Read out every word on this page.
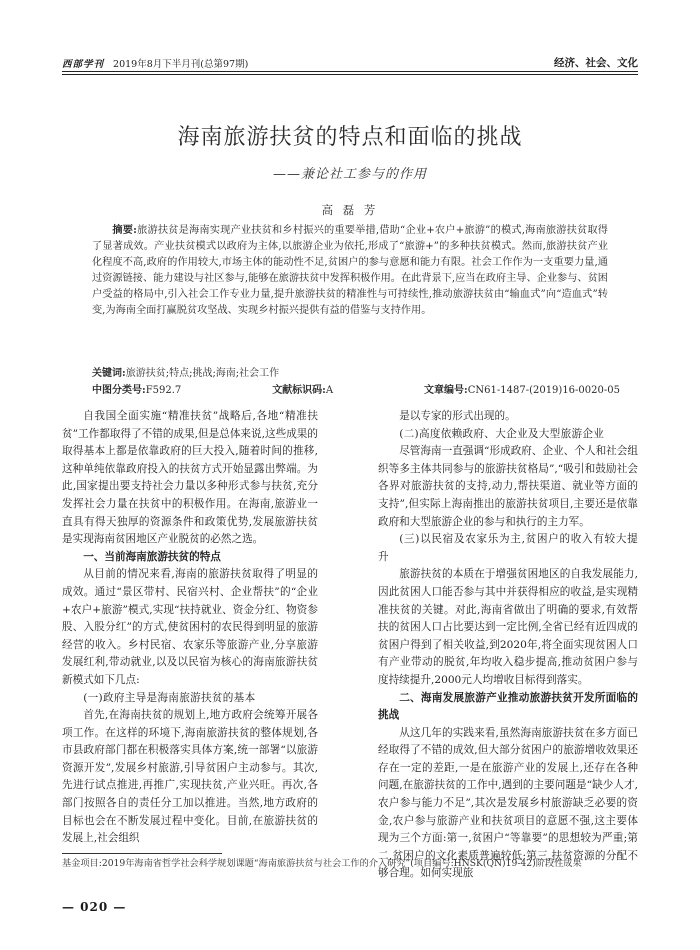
西部学刊 2019年8月下半月刊(总第97期)	经济、社会、文化
海南旅游扶贫的特点和面临的挑战
——兼论社工参与的作用
高 磊 芳
摘要:旅游扶贫是海南实现产业扶贫和乡村振兴的重要举措,借助“企业+农户+旅游”的模式,海南旅游扶贫取得了显著成效。产业扶贫模式以政府为主体,以旅游企业为依托,形成了“旅游+”的多种扶贫模式。然而,旅游扶贫产业化程度不高,政府的作用较大,市场主体的能动性不足,贫困户的参与意愿和能力有限。社会工作作为一支重要力量,通过资源链接、能力建设与社区参与,能够在旅游扶贫中发挥积极作用。在此背景下,应当在政府主导、企业参与、贫困户受益的格局中,引入社会工作专业力量,提升旅游扶贫的精准性与可持续性,推动旅游扶贫由“输血式”向“造血式”转变,为海南全面打赢脱贫攻坚战、实现乡村振兴提供有益的借鉴与支持作用。
关键词:旅游扶贫;特点;挑战;海南;社会工作
中图分类号:F592.7	文献标识码:A	文章编号:CN61-1487-(2019)16-0020-05

自我国全面实施“精准扶贫”战略后,各地“精准扶贫”工作都取得了不错的成果,但是总体来说,这些成果的取得基本上都是依靠政府的巨大投入,随着时间的推移,这种单纯依靠政府投入的扶贫方式开始显露出弊端。为此,国家提出要支持社会力量以多种形式参与扶贫,充分发挥社会力量在扶贫中的积极作用。在海南,旅游业一直具有得天独厚的资源条件和政策优势,发展旅游扶贫是实现海南贫困地区产业脱贫的必然之选。

一、当前海南旅游扶贫的特点

从目前的情况来看,海南的旅游扶贫取得了明显的成效。通过“景区带村、民宿兴村、企业帮扶”的“企业+农户+旅游”模式,实现“扶持就业、资金分红、物资参股、入股分红”的方式,使贫困村的农民得到明显的旅游经营的收入。乡村民宿、农家乐等旅游产业,分享旅游发展红利,带动就业,以及以民宿为核心的海南旅游扶贫新模式如下几点:

(一)政府主导是海南旅游扶贫的基本

首先,在海南扶贫的规划上,地方政府会统筹开展各项工作。在这样的环境下,海南旅游扶贫的整体规划,各市县政府部门都在积极落实具体方案,统一部署“以旅游资源开发”,发展乡村旅游,引导贫困户主动参与。其次,先进行试点推进,再推广,实现扶贫,产业兴旺。再次,各部门按照各自的责任分工加以推进。当然,地方政府的目标也会在不断发展过程中变化。目前,在旅游扶贫的发展上,社会组织

是以专家的形式出现的。

(二)高度依赖政府、大企业及大型旅游企业

尽管海南一直强调“形成政府、企业、个人和社会组织等多主体共同参与的旅游扶贫格局”,“吸引和鼓励社会各界对旅游扶贫的支持,动力,帮扶渠道、就业等方面的支持”,但实际上海南推出的旅游扶贫项目,主要还是依靠政府和大型旅游企业的参与和执行的主力军。

(三)以民宿及农家乐为主,贫困户的收入有较大提升

旅游扶贫的本质在于增强贫困地区的自我发展能力,因此贫困人口能否参与其中并获得相应的收益,是实现精准扶贫的关键。对此,海南省做出了明确的要求,有效帮扶的贫困人口占比要达到一定比例,全省已经有近四成的贫困户得到了相关收益,到2020年,将全面实现贫困人口有产业带动的脱贫,年均收入稳步提高,推动贫困户参与度持续提升,2000元人均增收目标得到落实。

二、海南发展旅游产业推动旅游扶贫开发所面临的挑战

从这几年的实践来看,虽然海南旅游扶贫在多方面已经取得了不错的成效,但大部分贫困户的旅游增收效果还存在一定的差距,一是在旅游产业的发展上,还存在各种问题,在旅游扶贫的工作中,遇到的主要问题是“缺少人才,农户参与能力不足”,其次是发展乡村旅游缺乏必要的资金,农户参与旅游产业和扶贫项目的意愿不强,这主要体现为三个方面:第一,贫困户“等靠要”的思想较为严重;第二,贫困户的文化素质普遍较低;第三,扶贫资源的分配不够合理。如何实现旅

基金项目:2019年海南省哲学社会科学规划课题“海南旅游扶贫与社会工作的介入研究”(项目编号:HNSK(QN)19-42)阶段性成果
— 020 —
